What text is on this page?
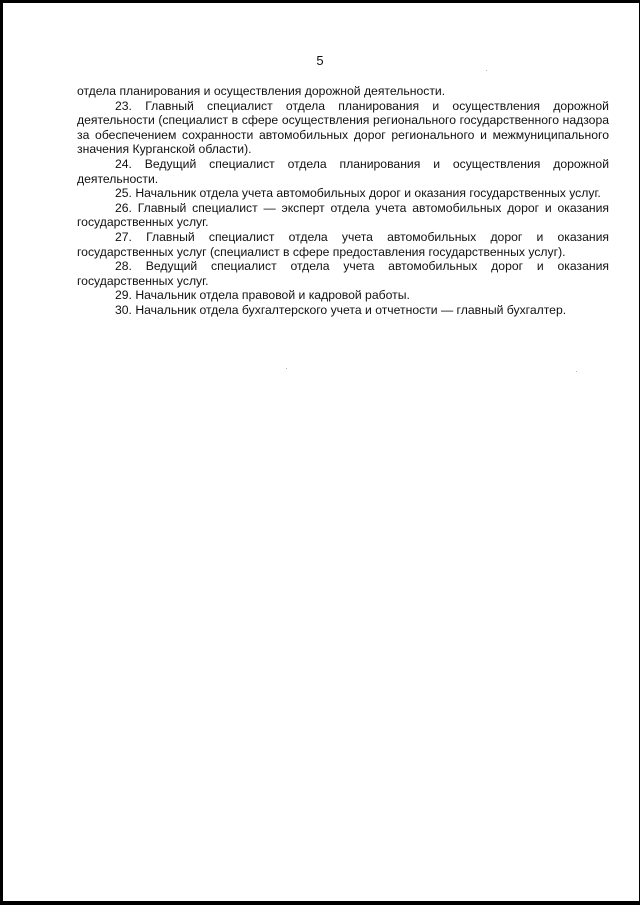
5

отдела планирования и осуществления дорожной деятельности.

23. Главный специалист отдела планирования и осуществления дорожной деятельности (специалист в сфере осуществления регионального государственного надзора за обеспечением сохранности автомобильных дорог регионального и межмуниципального значения Курганской области).

24. Ведущий специалист отдела планирования и осуществления дорожной деятельности.

25. Начальник отдела учета автомобильных дорог и оказания государственных услуг.

26. Главный специалист — эксперт отдела учета автомобильных дорог и оказания государственных услуг.

27. Главный специалист отдела учета автомобильных дорог и оказания государственных услуг (специалист в сфере предоставления государственных услуг).

28. Ведущий специалист отдела учета автомобильных дорог и оказания государственных услуг.

29. Начальник отдела правовой и кадровой работы.

30. Начальник отдела бухгалтерского учета и отчетности — главный бухгалтер.
